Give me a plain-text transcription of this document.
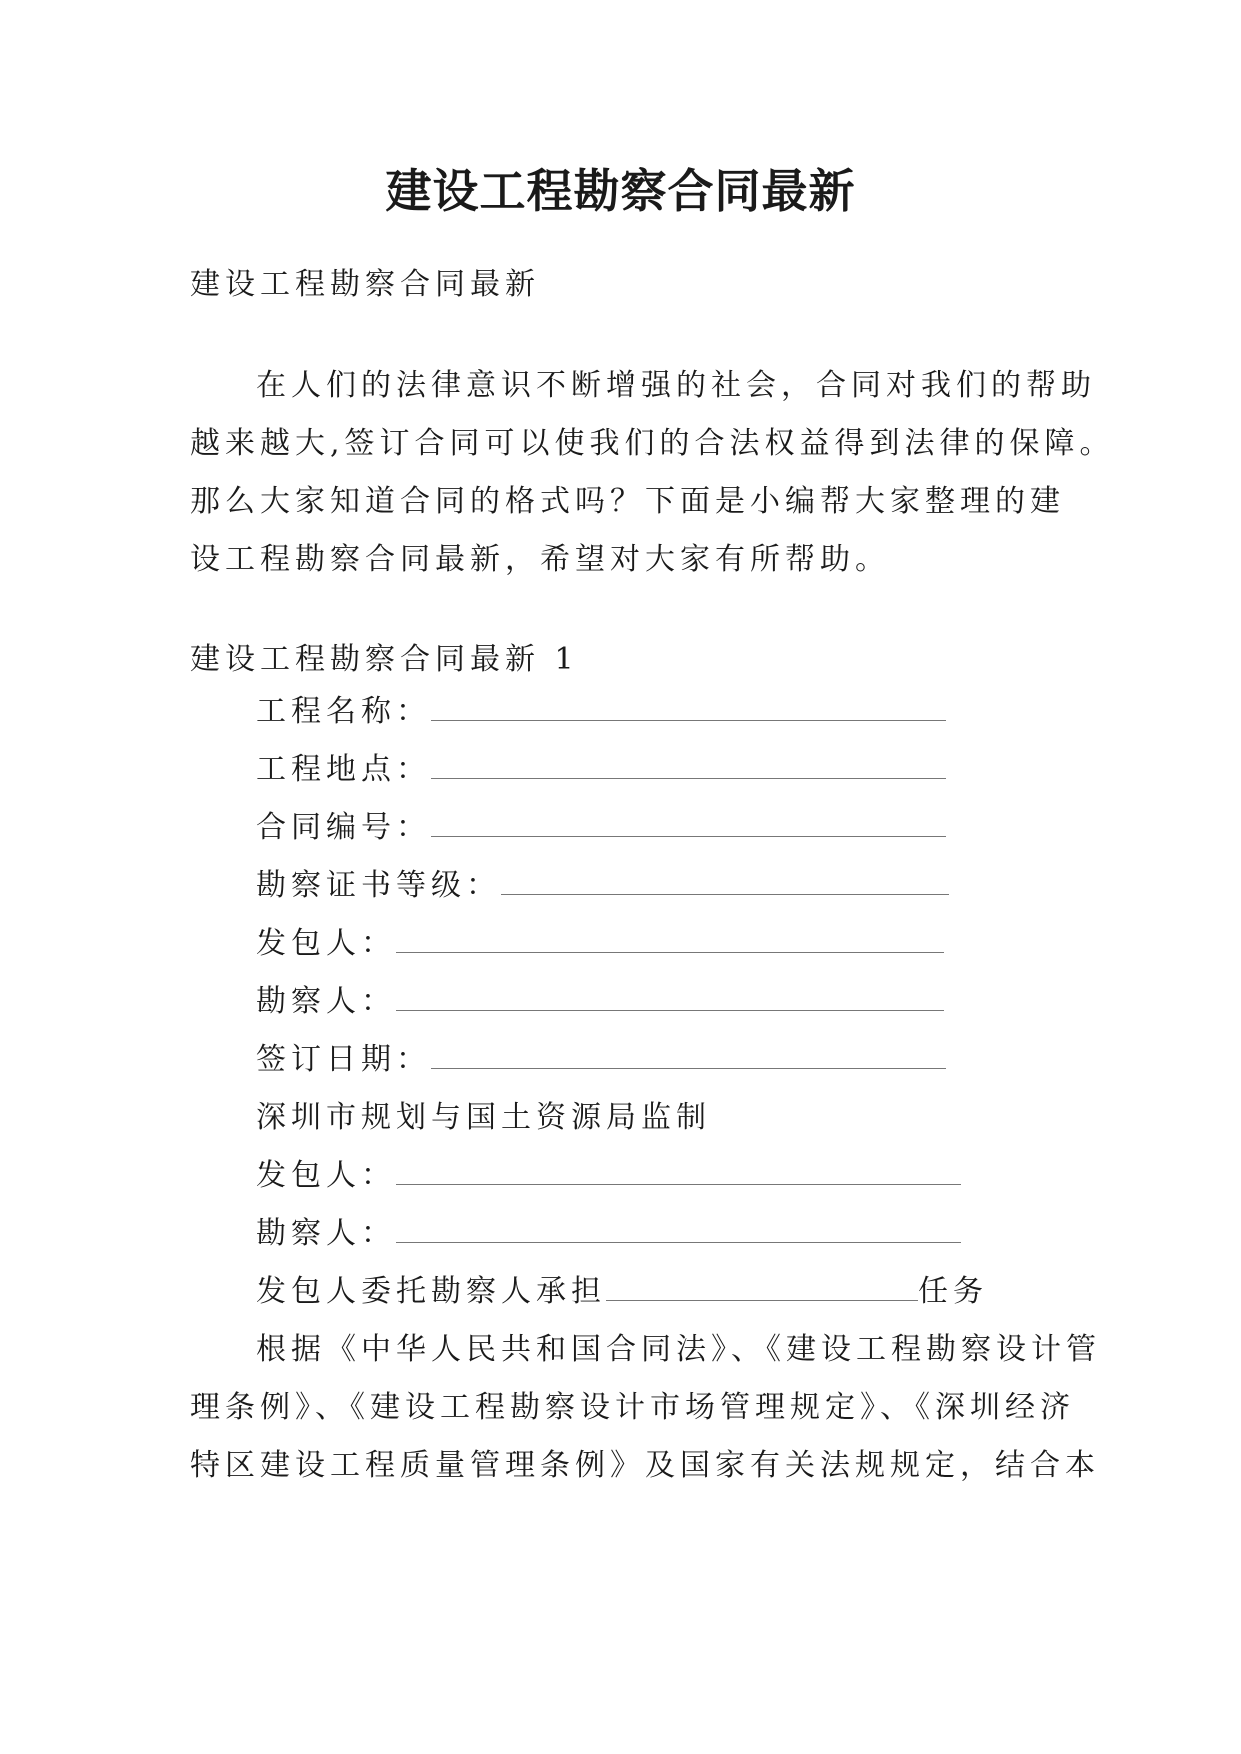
建设工程勘察合同最新
建设工程勘察合同最新
在人们的法律意识不断增强的社会，合同对我们的帮助
越来越大,签订合同可以使我们的合法权益得到法律的保障。
那么大家知道合同的格式吗？下面是小编帮大家整理的建
设工程勘察合同最新，希望对大家有所帮助。
建设工程勘察合同最新 1
工程名称：
工程地点：
合同编号：
勘察证书等级：
发包人：
勘察人：
签订日期：
深圳市规划与国土资源局监制
发包人：
勘察人：
发包人委托勘察人承担	任务
根据《中华人民共和国合同法》、《建设工程勘察设计管
理条例》、《建设工程勘察设计市场管理规定》、《深圳经济
特区建设工程质量管理条例》及国家有关法规规定，结合本
